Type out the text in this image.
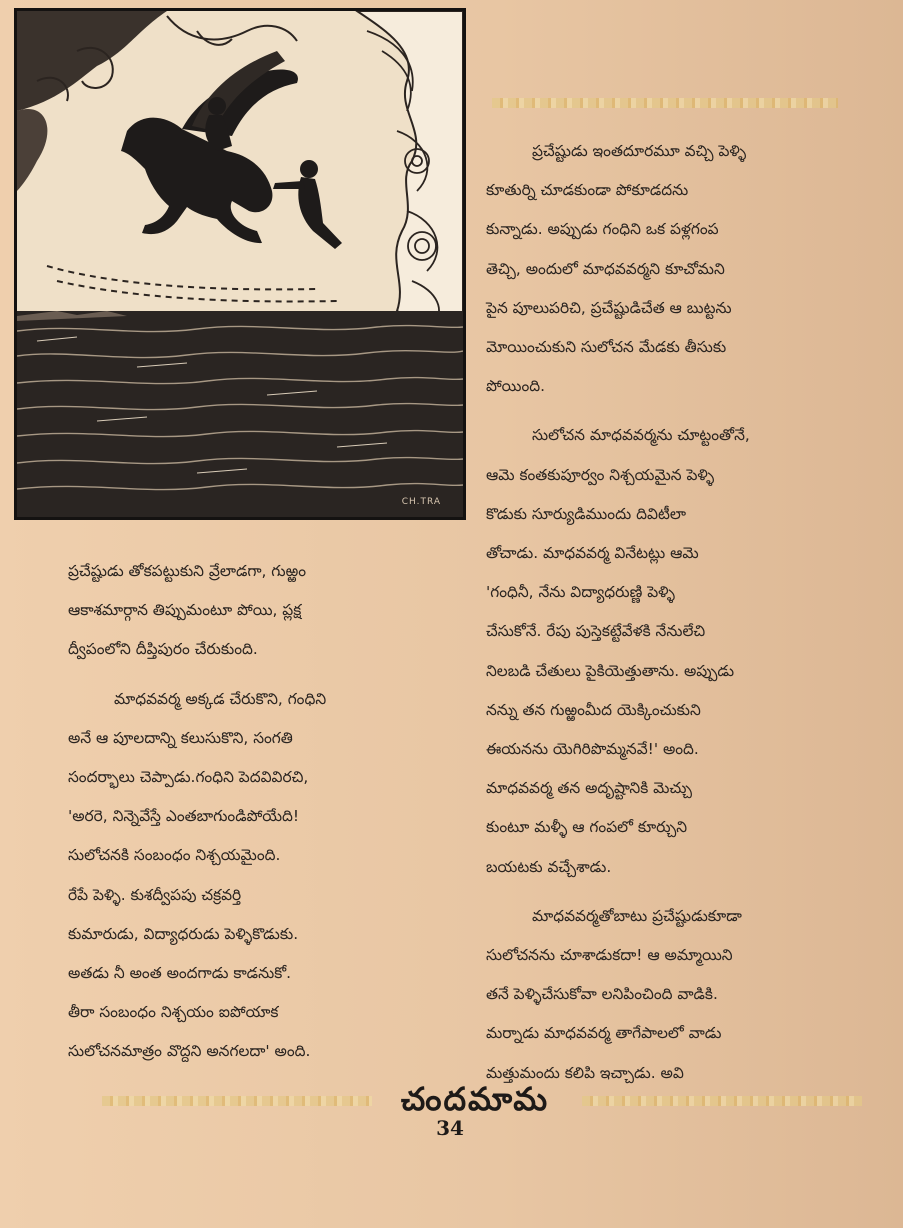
CH.TRA

ప్రచేష్టుడు ఇంతదూరమూ వచ్చి పెళ్ళి
కూతుర్ని చూడకుండా పోకూడదను
కున్నాడు. అప్పుడు గంధిని ఒక పళ్లగంప
తెచ్చి, అందులో మాధవవర్మని కూచోమని
పైన పూలుపరిచి, ప్రచేష్టుడిచేత ఆ బుట్టను
మోయించుకుని సులోచన మేడకు తీసుకు
పోయింది.

సులోచన మాధవవర్మను చూట్టంతోనే,
ఆమె కంతకుపూర్వం నిశ్చయమైన పెళ్ళి
కొడుకు సూర్యుడిముందు దివిటీలా
తోచాడు. మాధవవర్మ వినేటట్లు ఆమె
'గంధినీ, నేను విద్యాధరుణ్ణి పెళ్ళి
చేసుకోనే. రేపు పుస్తెకట్టేవేళకి నేనులేచి
నిలబడి చేతులు పైకియెత్తుతాను. అప్పుడు
నన్ను తన గుఱ్ఱంమీద యెక్కించుకుని
ఈయనను యెగిరిపొమ్మనవే!' అంది.
మాధవవర్మ తన అదృష్టానికి మెచ్చు
కుంటూ మళ్ళీ ఆ గంపలో కూర్చుని
బయటకు వచ్చేశాడు.

మాధవవర్మతోబాటు ప్రచేష్టుడుకూడా
సులోచనను చూశాడుకదా! ఆ అమ్మాయిని
తనే పెళ్ళిచేసుకోవా లనిపించింది వాడికి.
మర్నాడు మాధవవర్మ తాగేపాలలో వాడు
మత్తుమందు కలిపి ఇచ్చాడు. అవి

ప్రచేష్టుడు తోకపట్టుకుని వ్రేలాడగా, గుఱ్ఱం
ఆకాశమార్గాన తిప్పుమంటూ పోయి, ప్లక్ష
ద్వీపంలోని దీప్తిపురం చేరుకుంది.

మాధవవర్మ అక్కడ చేరుకొని, గంధిని
అనే ఆ పూలదాన్ని కలుసుకొని, సంగతి
సందర్భాలు చెప్పాడు.గంధిని పెదవివిరచి,
'అరరె, నిన్నెవేస్తే ఎంతబాగుండిపోయేది!
సులోచనకి సంబంధం నిశ్చయమైంది.
రేపే పెళ్ళి. కుశద్వీపపు చక్రవర్తి
కుమారుడు, విద్యాధరుడు పెళ్ళికొడుకు.
అతడు నీ అంత అందగాడు కాడనుకో.
తీరా సంబంధం నిశ్చయం ఐపోయాక
సులోచనమాత్రం వొద్దని అనగలదా' అంది.

చందమామ
34
